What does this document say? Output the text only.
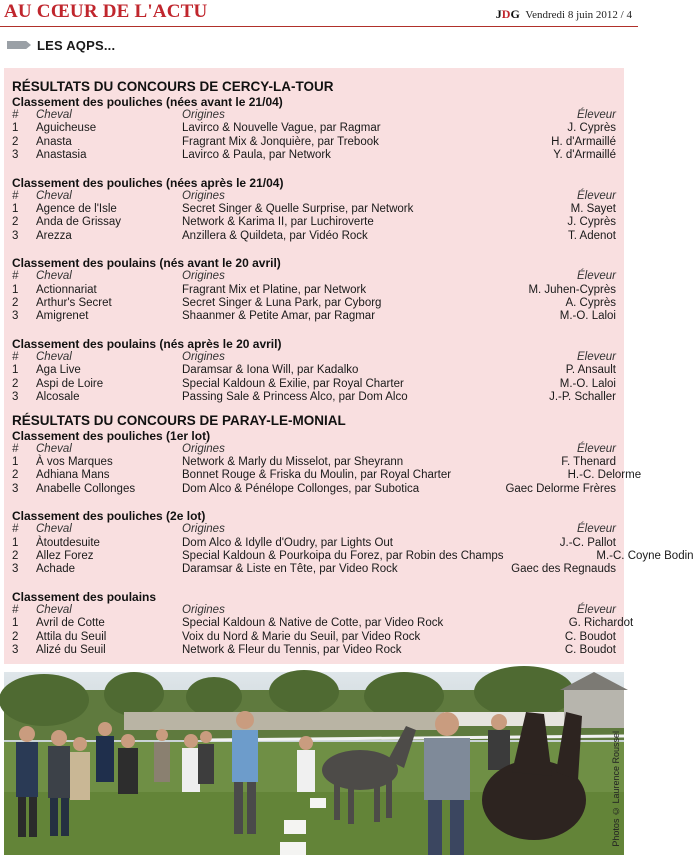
AU CŒUR DE L'ACTU	JDG Vendredi 8 juin 2012 / 4
LES AQPS...
RÉSULTATS DU CONCOURS DE CERCY-LA-TOUR
Classement des pouliches (nées avant le 21/04)
#	Cheval	Origines	Éleveur
1	Aguicheuse	Lavirco & Nouvelle Vague, par Ragmar	J. Cyprès
2	Anasta	Fragrant Mix & Jonquière, par Trebook	H. d'Armaillé
3	Anastasia	Lavirco & Paula, par Network	Y. d'Armaillé
Classement des pouliches (nées après le 21/04)
#	Cheval	Origines	Éleveur
1	Agence de l'Isle	Secret Singer & Quelle Surprise, par Network	M. Sayet
2	Anda de Grissay	Network & Karima II, par Luchiroverte	J. Cyprès
3	Arezza	Anzillera & Quildeta, par Vidéo Rock	T. Adenot
Classement des poulains (nés avant le 20 avril)
#	Cheval	Origines	Éleveur
1	Actionnariat	Fragrant Mix et Platine, par Network	M. Juhen-Cyprès
2	Arthur's Secret	Secret Singer & Luna Park, par Cyborg	A. Cyprès
3	Amigrenet	Shaanmer & Petite Amar, par Ragmar	M.-O. Laloi
Classement des poulains (nés après le 20 avril)
#	Cheval	Origines	Eleveur
1	Aga Live	Daramsar & Iona Will, par Kadalko	P. Ansault
2	Aspi de Loire	Special Kaldoun & Exilie, par Royal Charter	M.-O. Laloi
3	Alcosale	Passing Sale & Princess Alco, par Dom Alco	J.-P. Schaller
RÉSULTATS DU CONCOURS DE PARAY-LE-MONIAL
Classement des pouliches (1er lot)
#	Cheval	Origines	Éleveur
1	À vos Marques	Network & Marly du Misselot, par Sheyrann	F. Thenard
2	Adhiana Mans	Bonnet Rouge & Friska du Moulin, par Royal Charter	H.-C. Delorme
3	Anabelle Collonges	Dom Alco & Pénélope Collonges, par Subotica	Gaec Delorme Frères
Classement des pouliches (2e lot)
#	Cheval	Origines	Éleveur
1	Àtoutdesuite	Dom Alco & Idylle d'Oudry, par Lights Out	J.-C. Pallot
2	Allez Forez	Special Kaldoun & Pourkoipa du Forez, par Robin des Champs	M.-C. Coyne Bodin
3	Achade	Daramsar & Liste en Tête, par Video Rock	Gaec des Regnauds
Classement des poulains
#	Cheval	Origines	Éleveur
1	Avril de Cotte	Special Kaldoun & Native de Cotte, par Video Rock	G. Richardot
2	Attila du Seuil	Voix du Nord & Marie du Seuil, par Video Rock	C. Boudot
3	Alizé du Seuil	Network & Fleur du Tennis, par Video Rock	C. Boudot
Photos © Laurence Roussel
